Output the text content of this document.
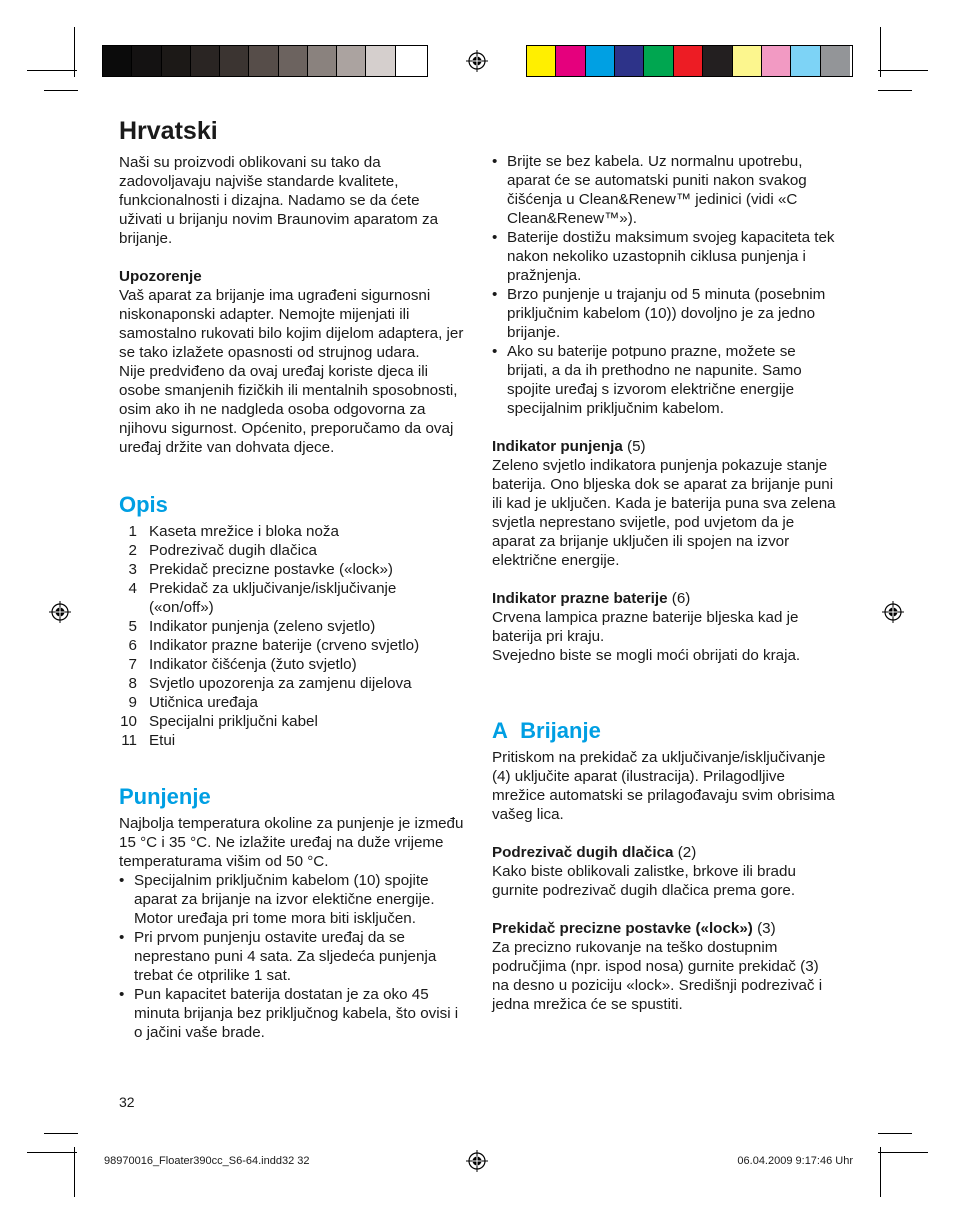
Hrvatski

Naši su proizvodi oblikovani su tako da zadovoljavaju najviše standarde kvalitete, funkcionalnosti i dizajna. Nadamo se da ćete uživati u brijanju novim Braunovim aparatom za brijanje.

Upozorenje

Vaš aparat za brijanje ima ugrađeni sigurnosni niskonaponski adapter. Nemojte mijenjati ili samostalno rukovati bilo kojim dijelom adaptera, jer se tako izlažete opasnosti od strujnog udara.

Nije predviđeno da ovaj uređaj koriste djeca ili osobe smanjenih fizičkih ili mentalnih sposobnosti, osim ako ih ne nadgleda osoba odgovorna za njihovu sigurnost. Općenito, preporučamo da ovaj uređaj držite van dohvata djece.

Opis
1 Kaseta mrežice i bloka noža
2 Podrezivač dugih dlačica
3 Prekidač precizne postavke («lock»)
4 Prekidač za uključivanje/isključivanje («on/off»)
5 Indikator punjenja (zeleno svjetlo)
6 Indikator prazne baterije (crveno svjetlo)
7 Indikator čišćenja (žuto svjetlo)
8 Svjetlo upozorenja za zamjenu dijelova
9 Utičnica uređaja
10 Specijalni priključni kabel
11 Etui
Punjenje

Najbolja temperatura okoline za punjenje je između 15 °C i 35 °C. Ne izlažite uređaj na duže vrijeme temperaturama višim od 50 °C.

• Specijalnim priključnim kabelom (10) spojite aparat za brijanje na izvor elektične energije. Motor uređaja pri tome mora biti isključen.
• Pri prvom punjenju ostavite uređaj da se neprestano puni 4 sata. Za sljedeća punjenja trebat će otprilike 1 sat.
• Pun kapacitet baterija dostatan je za oko 45 minuta brijanja bez priključnog kabela, što ovisi i o jačini vaše brade.
• Brijte se bez kabela. Uz normalnu upotrebu, aparat će se automatski puniti nakon svakog čišćenja u Clean&Renew™ jedinici (vidi «C Clean&Renew™»).
• Baterije dostižu maksimum svojeg kapaciteta tek nakon nekoliko uzastopnih ciklusa punjenja i pražnjenja.
• Brzo punjenje u trajanju od 5 minuta (posebnim priključnim kabelom (10)) dovoljno je za jedno brijanje.
• Ako su baterije potpuno prazne, možete se brijati, a da ih prethodno ne napunite. Samo spojite uređaj s izvorom električne energije specijalnim priključnim kabelom.

Indikator punjenja (5)

Zeleno svjetlo indikatora punjenja pokazuje stanje baterija. Ono bljeska dok se aparat za brijanje puni ili kad je uključen. Kada je baterija puna sva zelena svjetla neprestano svijetle, pod uvjetom da je aparat za brijanje uključen ili spojen na izvor električne energije.

Indikator prazne baterije (6)

Crvena lampica prazne baterije bljeska kad je baterija pri kraju.

Svejedno biste se mogli moći obrijati do kraja.

A Brijanje

Pritiskom na prekidač za uključivanje/isključivanje (4) uključite aparat (ilustracija). Prilagodljive mrežice automatski se prilagođavaju svim obrisima vašeg lica.

Podrezivač dugih dlačica (2)

Kako biste oblikovali zalistke, brkove ili bradu gurnite podrezivač dugih dlačica prema gore.

Prekidač precizne postavke («lock») (3)

Za precizno rukovanje na teško dostupnim područjima (npr. ispod nosa) gurnite prekidač (3) na desno u poziciju «lock». Središnji podrezivač i jedna mrežica će se spustiti.

32
98970016_Floater390cc_S6-64.indd32 32	06.04.2009 9:17:46 Uhr
